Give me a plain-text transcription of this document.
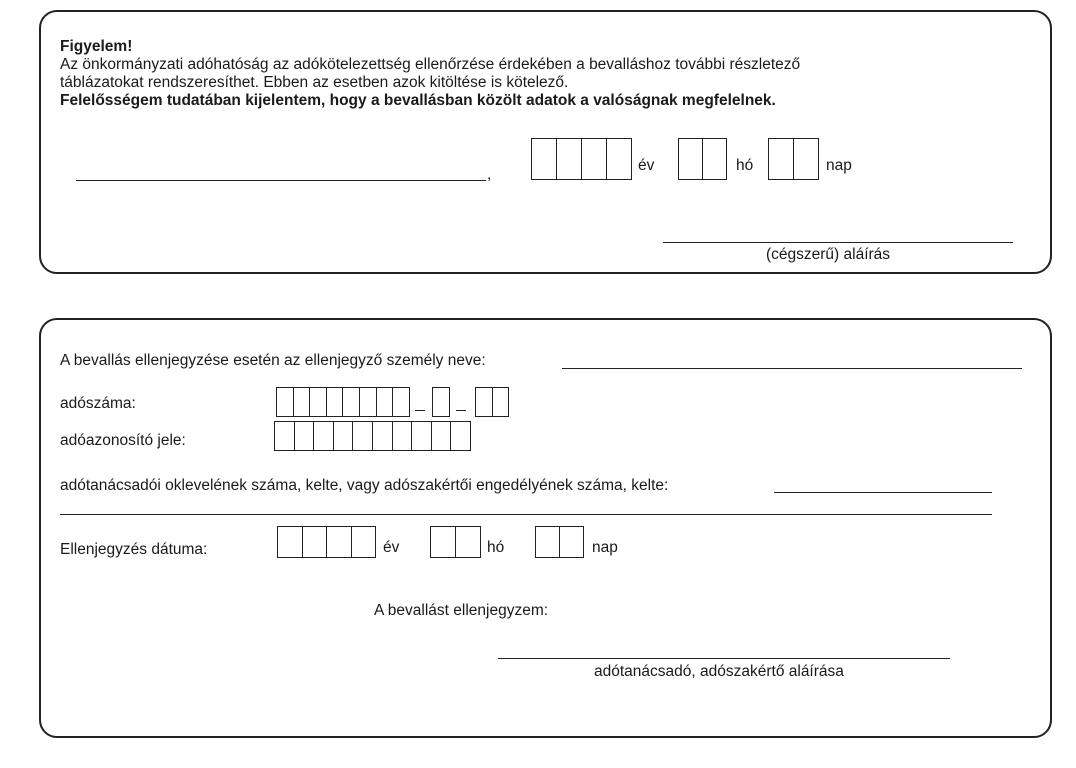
Figyelem!
Az önkormányzati adóhatóság az adókötelezettség ellenőrzése érdekében a bevalláshoz további részletező
táblázatokat rendszeresíthet. Ebben az esetben azok kitöltése is kötelező.
Felelősségem tudatában kijelentem, hogy a bevallásban közölt adatok a valóságnak megfelelnek.
,
év	hó	nap
(cégszerű) aláírás
A bevallás ellenjegyzése esetén az ellenjegyző személy neve:
adószáma:
adóazonosító jele:
adótanácsadói oklevelének száma, kelte, vagy adószakértői engedélyének száma, kelte:
Ellenjegyzés dátuma:	év	hó	nap
A bevallást ellenjegyzem:
adótanácsadó, adószakértő aláírása
